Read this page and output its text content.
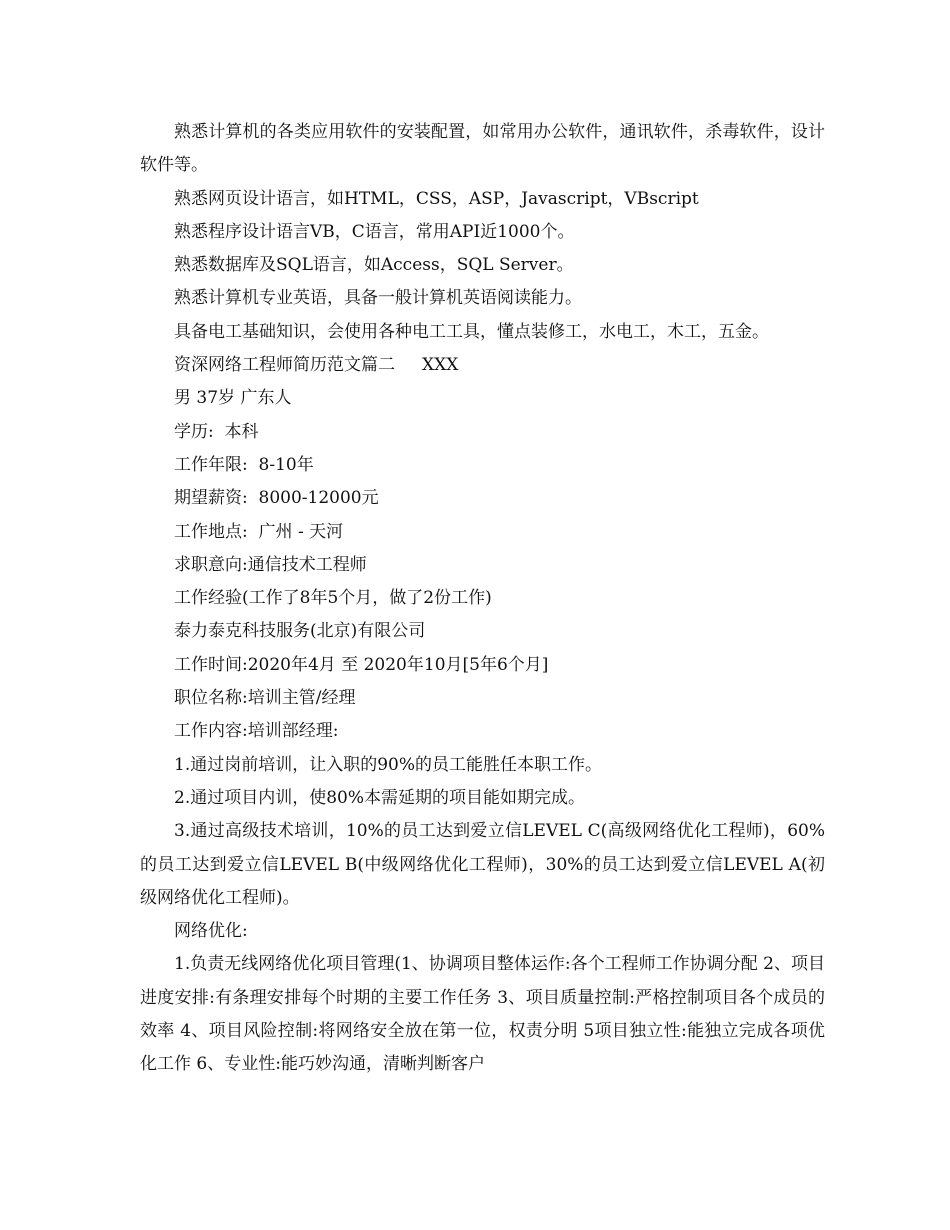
熟悉计算机的各类应用软件的安装配置，如常用办公软件，通讯软件，杀毒软件，设计软件等。

熟悉网页设计语言，如HTML，CSS，ASP，Javascript，VBscript

熟悉程序设计语言VB，C语言，常用API近1000个。

熟悉数据库及SQL语言，如Access，SQL Server。

熟悉计算机专业英语，具备一般计算机英语阅读能力。

具备电工基础知识，会使用各种电工工具，懂点装修工，水电工，木工，五金。

资深网络工程师简历范文篇二     XXX

男 37岁 广东人

学历:  本科

工作年限:  8-10年

期望薪资:  8000-12000元

工作地点:  广州 - 天河

求职意向:通信技术工程师

工作经验(工作了8年5个月，做了2份工作)

泰力泰克科技服务(北京)有限公司

工作时间:2020年4月 至 2020年10月[5年6个月]

职位名称:培训主管/经理

工作内容:培训部经理:

1.通过岗前培训，让入职的90%的员工能胜任本职工作。

2.通过项目内训，使80%本需延期的项目能如期完成。

3.通过高级技术培训，10%的员工达到爱立信LEVEL C(高级网络优化工程师)，60%的员工达到爱立信LEVEL B(中级网络优化工程师)，30%的员工达到爱立信LEVEL A(初级网络优化工程师)。

网络优化:

1.负责无线网络优化项目管理(1、协调项目整体运作:各个工程师工作协调分配 2、项目进度安排:有条理安排每个时期的主要工作任务 3、项目质量控制:严格控制项目各个成员的效率 4、项目风险控制:将网络安全放在第一位，权责分明 5项目独立性:能独立完成各项优化工作 6、专业性:能巧妙沟通，清晰判断客户
